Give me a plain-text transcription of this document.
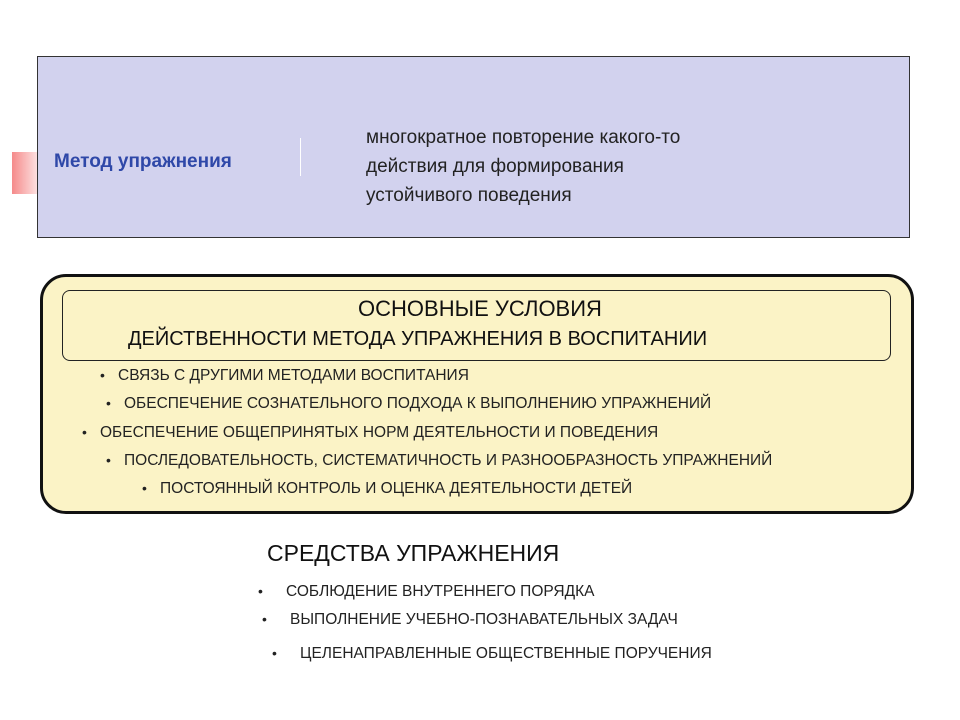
Метод упражнения
многократное повторение какого-то
действия для формирования
устойчивого поведения
ОСНОВНЫЕ УСЛОВИЯ
ДЕЙСТВЕННОСТИ МЕТОДА УПРАЖНЕНИЯ В ВОСПИТАНИИ
• СВЯЗЬ С ДРУГИМИ МЕТОДАМИ ВОСПИТАНИЯ
• ОБЕСПЕЧЕНИЕ СОЗНАТЕЛЬНОГО ПОДХОДА К ВЫПОЛНЕНИЮ УПРАЖНЕНИЙ
• ОБЕСПЕЧЕНИЕ ОБЩЕПРИНЯТЫХ НОРМ ДЕЯТЕЛЬНОСТИ И ПОВЕДЕНИЯ
• ПОСЛЕДОВАТЕЛЬНОСТЬ, СИСТЕМАТИЧНОСТЬ И РАЗНООБРАЗНОСТЬ УПРАЖНЕНИЙ
• ПОСТОЯННЫЙ КОНТРОЛЬ И ОЦЕНКА ДЕЯТЕЛЬНОСТИ ДЕТЕЙ
СРЕДСТВА УПРАЖНЕНИЯ
• СОБЛЮДЕНИЕ ВНУТРЕННЕГО ПОРЯДКА
• ВЫПОЛНЕНИЕ УЧЕБНО-ПОЗНАВАТЕЛЬНЫХ ЗАДАЧ
• ЦЕЛЕНАПРАВЛЕННЫЕ ОБЩЕСТВЕННЫЕ ПОРУЧЕНИЯ
